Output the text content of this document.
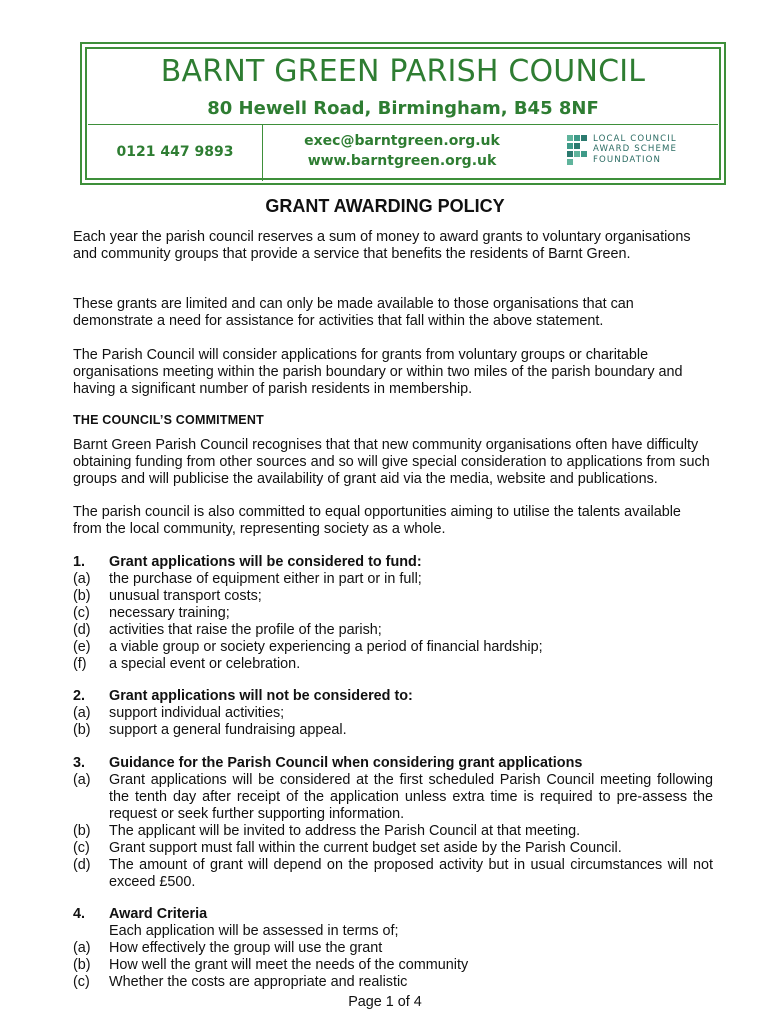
BARNT GREEN PARISH COUNCIL
80 Hewell Road, Birmingham, B45 8NF
0121 447 9893
exec@barntgreen.org.uk
www.barntgreen.org.uk
LOCAL COUNCIL
AWARD SCHEME
FOUNDATION
GRANT AWARDING POLICY

Each year the parish council reserves a sum of money to award grants to voluntary organisations and community groups that provide a service that benefits the residents of Barnt Green.

These grants are limited and can only be made available to those organisations that can demonstrate a need for assistance for activities that fall within the above statement.

The Parish Council will consider applications for grants from voluntary groups or charitable organisations meeting within the parish boundary or within two miles of the parish boundary and having a significant number of parish residents in membership.

THE COUNCIL’S COMMITMENT

Barnt Green Parish Council recognises that that new community organisations often have difficulty obtaining funding from other sources and so will give special consideration to applications from such groups and will publicise the availability of grant aid via the media, website and publications.

The parish council is also committed to equal opportunities aiming to utilise the talents available from the local community, representing society as a whole.

1. Grant applications will be considered to fund:
(a) the purchase of equipment either in part or in full;
(b) unusual transport costs;
(c) necessary training;
(d) activities that raise the profile of the parish;
(e) a viable group or society experiencing a period of financial hardship;
(f) a special event or celebration.
2. Grant applications will not be considered to:
(a) support individual activities;
(b) support a general fundraising appeal.
3. Guidance for the Parish Council when considering grant applications
(a) Grant applications will be considered at the first scheduled Parish Council meeting following the tenth day after receipt of the application unless extra time is required to pre-assess the request or seek further supporting information.
(b) The applicant will be invited to address the Parish Council at that meeting.
(c) Grant support must fall within the current budget set aside by the Parish Council.
(d) The amount of grant will depend on the proposed activity but in usual circumstances will not exceed £500.
4. Award Criteria
Each application will be assessed in terms of;
(a) How effectively the group will use the grant
(b) How well the grant will meet the needs of the community
(c) Whether the costs are appropriate and realistic
Page 1 of 4
